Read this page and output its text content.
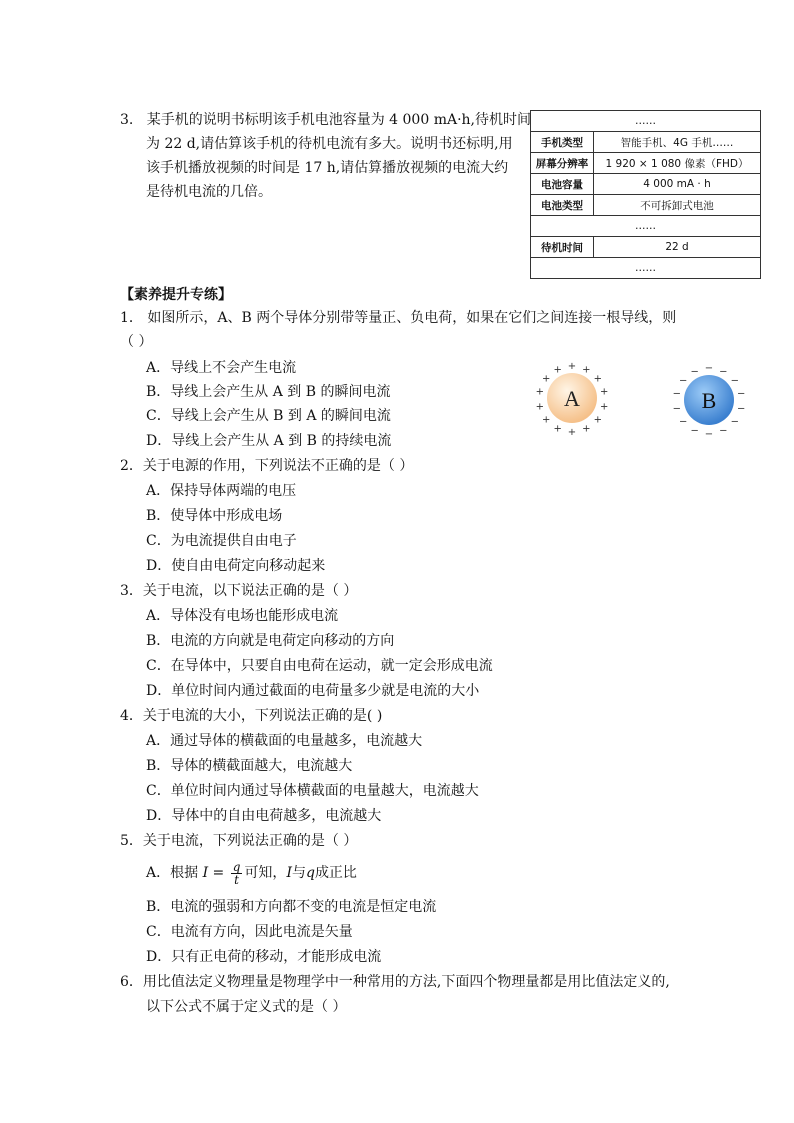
3. 某手机的说明书标明该手机电池容量为 4 000 mA·h,待机时间
为 22 d,请估算该手机的待机电流有多大。说明书还标明,用
该手机播放视频的时间是 17 h,请估算播放视频的电流大约
是待机电流的几倍。
……	
手机类型	智能手机、4G 手机……
屏幕分辨率	1 920 × 1 080 像素（FHD）
电池容量	4 000 mA · h
电池类型	不可拆卸式电池
……	
待机时间	22 d
……	
【素养提升专练】
1． 如图所示，A、B 两个导体分别带等量正、负电荷，如果在它们之间连接一根导线，则
（ ）
A．导线上不会产生电流
B．导线上会产生从 A 到 B 的瞬间电流
C．导线上会产生从 B 到 A 的瞬间电流
D．导线上会产生从 A 到 B 的持续电流
A
+ +
+
+
+
+
+
+
+
+
+
+
+
+
B
− −
−
−
−
−
−
−
−
−
−
−
−
−
2．关于电源的作用，下列说法不正确的是（ ）
A．保持导体两端的电压
B．使导体中形成电场
C．为电流提供自由电子
D．使自由电荷定向移动起来
3．关于电流，以下说法正确的是（ ）
A．导体没有电场也能形成电流
B．电流的方向就是电荷定向移动的方向
C．在导体中，只要自由电荷在运动，就一定会形成电流
D．单位时间内通过截面的电荷量多少就是电流的大小
4．关于电流的大小，下列说法正确的是( )
A．通过导体的横截面的电量越多，电流越大
B．导体的横截面越大，电流越大
C．单位时间内通过导体横截面的电量越大，电流越大
D．导体中的自由电荷越多，电流越大
5．关于电流，下列说法正确的是（ ）
A．根据 $I = \frac{q}{t}$ 可知，I与q成正比
B．电流的强弱和方向都不变的电流是恒定电流
C．电流有方向，因此电流是矢量
D．只有正电荷的移动，才能形成电流
6．用比值法定义物理量是物理学中一种常用的方法,下面四个物理量都是用比值法定义的,
以下公式不属于定义式的是（ ）
